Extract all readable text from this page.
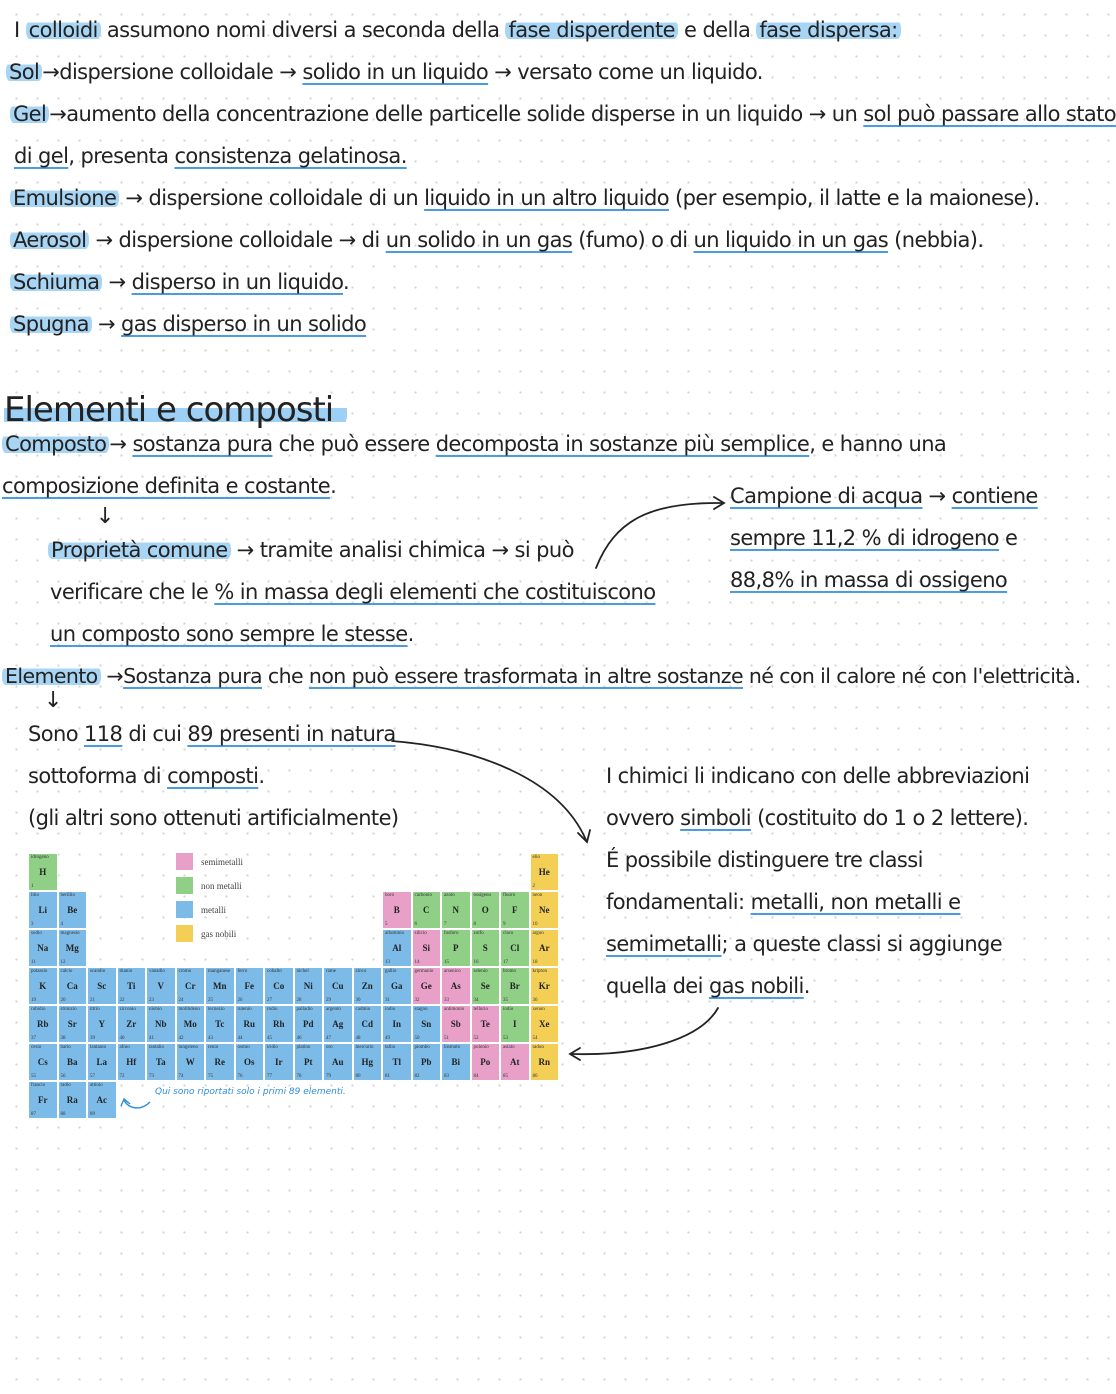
I colloidi assumono nomi diversi a seconda della fase disperdente e della fase dispersa:
Sol →dispersione colloidale → solido in un liquido → versato come un liquido.
Gel →aumento della concentrazione delle particelle solide disperse in un liquido → un sol può passare allo stato
di gel, presenta consistenza gelatinosa.
Emulsione → dispersione colloidale di un liquido in un altro liquido (per esempio, il latte e la maionese).
Aerosol → dispersione colloidale → di un solido in un gas (fumo) o di un liquido in un gas (nebbia).
Schiuma → disperso in un liquido.
Spugna → gas disperso in un solido
Elementi e composti
Composto → sostanza pura che può essere decomposta in sostanze più semplice, e hanno una
composizione definita e costante.
↓
Proprietà comune → tramite analisi chimica → si può
verificare che le % in massa degli elementi che costituiscono
un composto sono sempre le stesse.
Campione di acqua → contiene
sempre 11,2 % di idrogeno e
88,8% in massa di ossigeno
Elemento →Sostanza pura che non può essere trasformata in altre sostanze né con il calore né con l'elettricità.
↓
Sono 118 di cui 89 presenti in natura
sottoforma di composti.
(gli altri sono ottenuti artificialmente)
I chimici li indicano con delle abbreviazioni
ovvero simboli (costituito do 1 o 2 lettere).
É possibile distinguere tre classi
fondamentali: metalli, non metalli e
semimetalli; a queste classi si aggiunge
quella dei gas nobili.
idrogeno
H
1
elio
He
2
litio
Li
3
berillio
Be
4
boro
B
5
carbonio
C
6
azoto
N
7
ossigeno
O
8
fluoro
F
9
neon
Ne
10
sodio
Na
11
magnesio
Mg
12
alluminio
Al
13
silicio
Si
14
fosforo
P
15
zolfo
S
16
cloro
Cl
17
argon
Ar
18
potassio
K
19
calcio
Ca
20
scandio
Sc
21
titanio
Ti
22
vanadio
V
23
cromo
Cr
24
manganese
Mn
25
ferro
Fe
26
cobalto
Co
27
nichel
Ni
28
rame
Cu
29
zinco
Zn
30
gallio
Ga
31
germanio
Ge
32
arsenico
As
33
selenio
Se
34
bromo
Br
35
kripton
Kr
36
rubidio
Rb
37
stronzio
Sr
38
ittrio
Y
39
zirconio
Zr
40
niobio
Nb
41
molibdeno
Mo
42
tecnezio
Tc
43
rutenio
Ru
44
rodio
Rh
45
palladio
Pd
46
argento
Ag
47
cadmio
Cd
48
indio
In
49
stagno
Sn
50
antimonio
Sb
51
tellurio
Te
52
iodio
I
53
xenon
Xe
54
cesio
Cs
55
bario
Ba
56
lantanio
La
57
afnio
Hf
72
tantalio
Ta
73
tungsteno
W
74
renio
Re
75
osmio
Os
76
iridio
Ir
77
platino
Pt
78
oro
Au
79
mercurio
Hg
80
tallio
Tl
81
piombo
Pb
82
bismuto
Bi
83
polonio
Po
84
astato
At
85
radon
Rn
86
francio
Fr
87
radio
Ra
88
attinio
Ac
89
semimetalli
non metalli
metalli
gas nobili
Qui sono riportati solo i primi 89 elementi.
